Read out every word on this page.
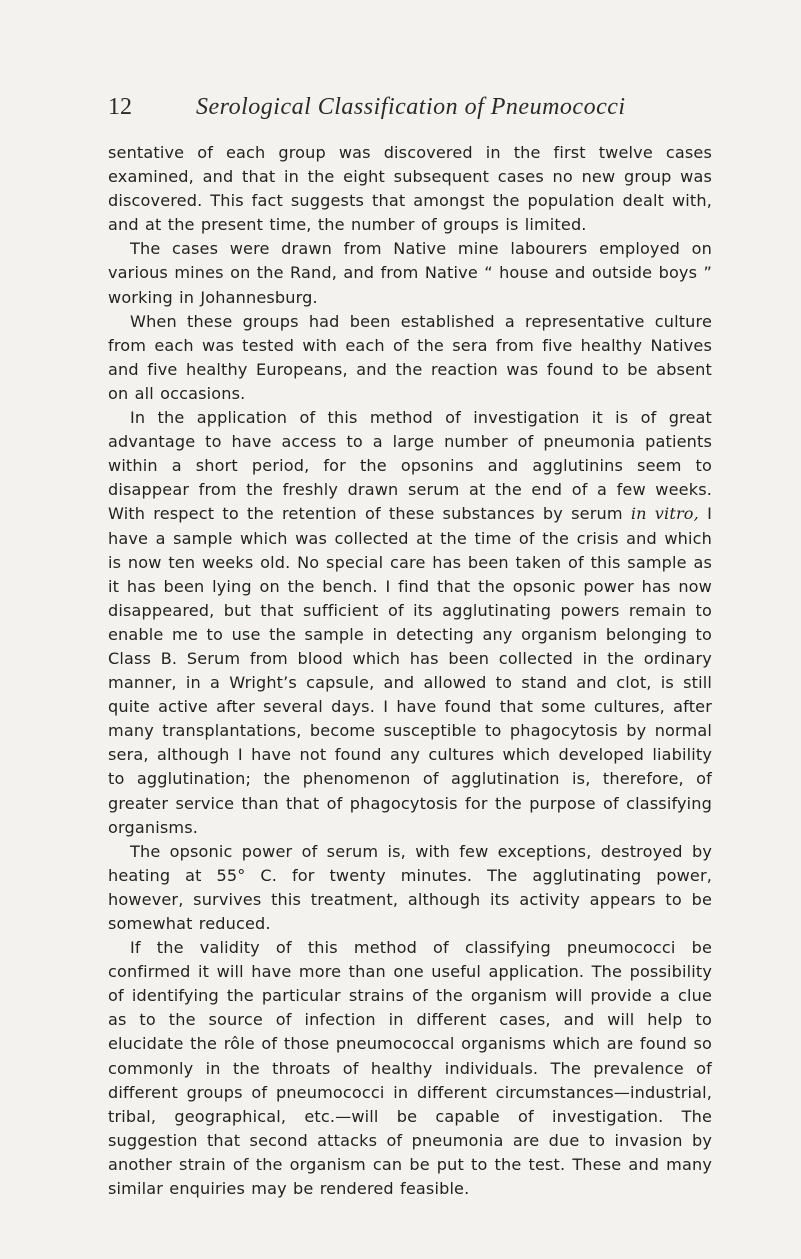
12	Serological Classification of Pneumococci

sentative of each group was discovered in the first twelve cases examined, and that in the eight subsequent cases no new group was discovered. This fact suggests that amongst the population dealt with, and at the present time, the number of groups is limited.

The cases were drawn from Native mine labourers employed on various mines on the Rand, and from Native “ house and outside boys ” working in Johannesburg.

When these groups had been established a representative culture from each was tested with each of the sera from five healthy Natives and five healthy Europeans, and the reaction was found to be absent on all occasions.

In the application of this method of investigation it is of great advantage to have access to a large number of pneumonia patients within a short period, for the opsonins and agglutinins seem to disappear from the freshly drawn serum at the end of a few weeks. With respect to the retention of these substances by serum in vitro, I have a sample which was collected at the time of the crisis and which is now ten weeks old. No special care has been taken of this sample as it has been lying on the bench. I find that the opsonic power has now disappeared, but that sufficient of its agglutinating powers remain to enable me to use the sample in detecting any organism belonging to Class B. Serum from blood which has been collected in the ordinary manner, in a Wright’s capsule, and allowed to stand and clot, is still quite active after several days. I have found that some cultures, after many transplantations, become susceptible to phagocytosis by normal sera, although I have not found any cultures which developed liability to agglutination; the phenomenon of agglutination is, therefore, of greater service than that of phagocytosis for the purpose of classifying organisms.

The opsonic power of serum is, with few exceptions, destroyed by heating at 55° C. for twenty minutes. The agglutinating power, however, survives this treatment, although its activity appears to be somewhat reduced.

If the validity of this method of classifying pneumococci be confirmed it will have more than one useful application. The possibility of identifying the particular strains of the organism will provide a clue as to the source of infection in different cases, and will help to elucidate the rôle of those pneumococcal organisms which are found so commonly in the throats of healthy individuals. The prevalence of different groups of pneumococci in different circumstances—industrial, tribal, geographical, etc.—will be capable of investigation. The suggestion that second attacks of pneumonia are due to invasion by another strain of the organism can be put to the test. These and many similar enquiries may be rendered feasible.
